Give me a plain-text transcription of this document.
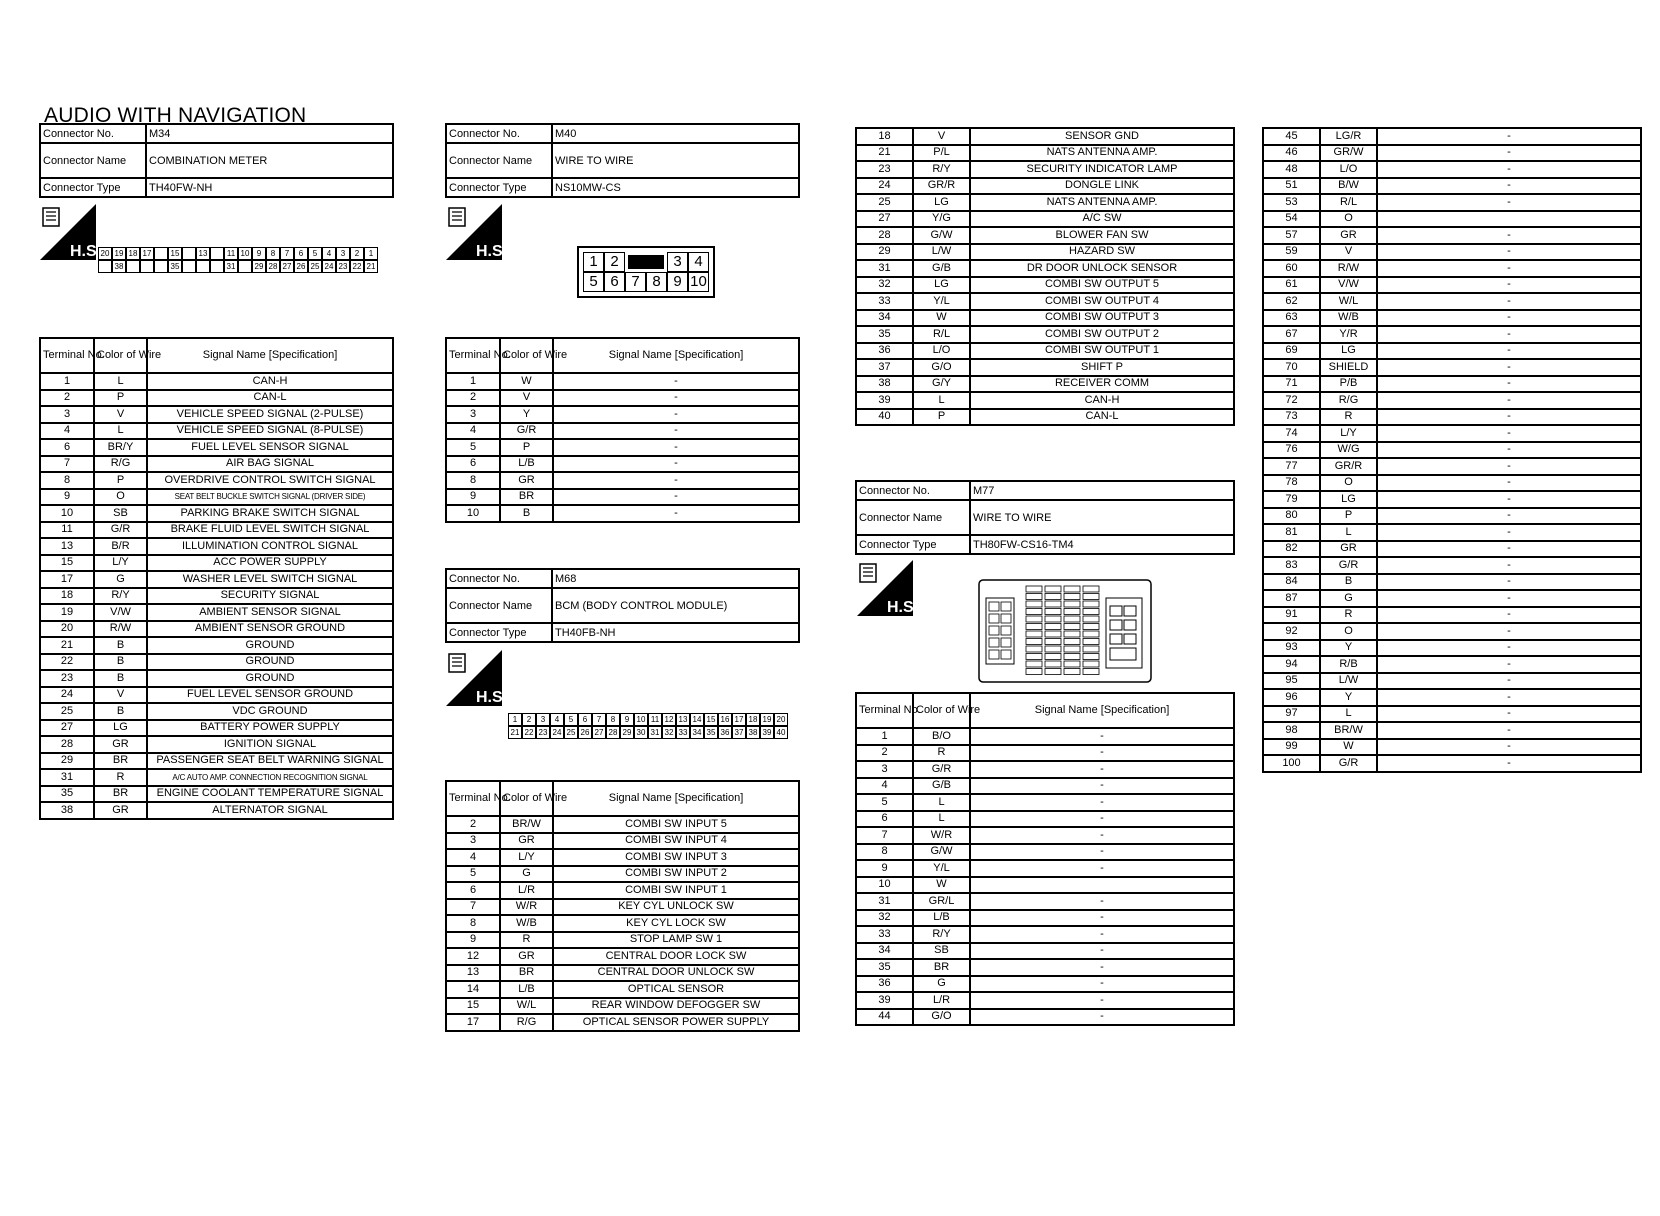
AUDIO WITH NAVIGATION
Connector No.	M34
Connector Name	COMBINATION METER
Connector Type	TH40FW-NH
H.S. 20 19 18 17	15	13	11 10 9	8	7	6	5	4	3	2	1
38	35	31	29 28 27 26 25 24 23 22 21
Terminal No.	Color of Wire	Signal Name [Specification]
1	L	CAN-H
2	P	CAN-L
3	V	VEHICLE SPEED SIGNAL (2-PULSE)
4	L	VEHICLE SPEED SIGNAL (8-PULSE)
6	BR/Y	FUEL LEVEL SENSOR SIGNAL
7	R/G	AIR BAG SIGNAL
8	P	OVERDRIVE CONTROL SWITCH SIGNAL
9	O	SEAT BELT BUCKLE SWITCH SIGNAL (DRIVER SIDE)
10	SB	PARKING BRAKE SWITCH SIGNAL
11	G/R	BRAKE FLUID LEVEL SWITCH SIGNAL
13	B/R	ILLUMINATION CONTROL SIGNAL
15	L/Y	ACC POWER SUPPLY
17	G	WASHER LEVEL SWITCH SIGNAL
18	R/Y	SECURITY SIGNAL
19	V/W	AMBIENT SENSOR SIGNAL
20	R/W	AMBIENT SENSOR GROUND
21	B	GROUND
22	B	GROUND
23	B	GROUND
24	V	FUEL LEVEL SENSOR GROUND
25	B	VDC GROUND
27	LG	BATTERY POWER SUPPLY
28	GR	IGNITION SIGNAL
29	BR	PASSENGER SEAT BELT WARNING SIGNAL
31	R	A/C AUTO AMP. CONNECTION RECOGNITION SIGNAL
35	BR	ENGINE COOLANT TEMPERATURE SIGNAL
38	GR	ALTERNATOR SIGNAL
Connector No.	M40
Connector Name	WIRE TO WIRE
Connector Type	NS10MW-CS
H.S.
1 2	3 4
5 6 7 8 9 10
Terminal No.	Color of Wire	Signal Name [Specification]
1	W	-
2	V	-
3	Y	-
4	G/R	-
5	P	-
6	L/B	-
8	GR	-
9	BR	-
10	B	-
Connector No.	M68
Connector Name	BCM (BODY CONTROL MODULE)
Connector Type	TH40FB-NH
H.S.
1	2	3	4	5	6	7	8	9 10 11 12 13 14 15 16 17 18 19 20
21 22 23 24 25 26 27 28 29 30 31 32 33 34 35 36 37 38 39 40
Terminal No.	Color of Wire	Signal Name [Specification]
2	BR/W	COMBI SW INPUT 5
3	GR	COMBI SW INPUT 4
4	L/Y	COMBI SW INPUT 3
5	G	COMBI SW INPUT 2
6	L/R	COMBI SW INPUT 1
7	W/R	KEY CYL UNLOCK SW
8	W/B	KEY CYL LOCK SW
9	R	STOP LAMP SW 1
12	GR	CENTRAL DOOR LOCK SW
13	BR	CENTRAL DOOR UNLOCK SW
14	L/B	OPTICAL SENSOR
15	W/L	REAR WINDOW DEFOGGER SW
17	R/G	OPTICAL SENSOR POWER SUPPLY
18	V	SENSOR GND
21	P/L	NATS ANTENNA AMP.
23	R/Y	SECURITY INDICATOR LAMP
24	GR/R	DONGLE LINK
25	LG	NATS ANTENNA AMP.
27	Y/G	A/C SW
28	G/W	BLOWER FAN SW
29	L/W	HAZARD SW
31	G/B	DR DOOR UNLOCK SENSOR
32	LG	COMBI SW OUTPUT 5
33	Y/L	COMBI SW OUTPUT 4
34	W	COMBI SW OUTPUT 3
35	R/L	COMBI SW OUTPUT 2
36	L/O	COMBI SW OUTPUT 1
37	G/O	SHIFT P
38	G/Y	RECEIVER COMM
39	L	CAN-H
40	P	CAN-L
Connector No.	M77
Connector Name	WIRE TO WIRE
Connector Type	TH80FW-CS16-TM4
H.S.
Terminal No.	Color of Wire	Signal Name [Specification]
1	B/O	-
2	R	-
3	G/R	-
4	G/B	-
5	L	-
6	L	-
7	W/R	-
8	G/W	-
9	Y/L	-
10	W	
31	GR/L	-
32	L/B	-
33	R/Y	-
34	SB	-
35	BR	-
36	G	-
39	L/R	-
44	G/O	-
45	LG/R	-
46	GR/W	-
48	L/O	-
51	B/W	-
53	R/L	-
54	O	
57	GR	-
59	V	-
60	R/W	-
61	V/W	-
62	W/L	-
63	W/B	-
67	Y/R	-
69	LG	-
70	SHIELD	-
71	P/B	-
72	R/G	-
73	R	-
74	L/Y	-
76	W/G	-
77	GR/R	-
78	O	-
79	LG	-
80	P	-
81	L	-
82	GR	-
83	G/R	-
84	B	-
87	G	-
91	R	-
92	O	-
93	Y	-
94	R/B	-
95	L/W	-
96	Y	-
97	L	-
98	BR/W	-
99	W	-
100	G/R	-
